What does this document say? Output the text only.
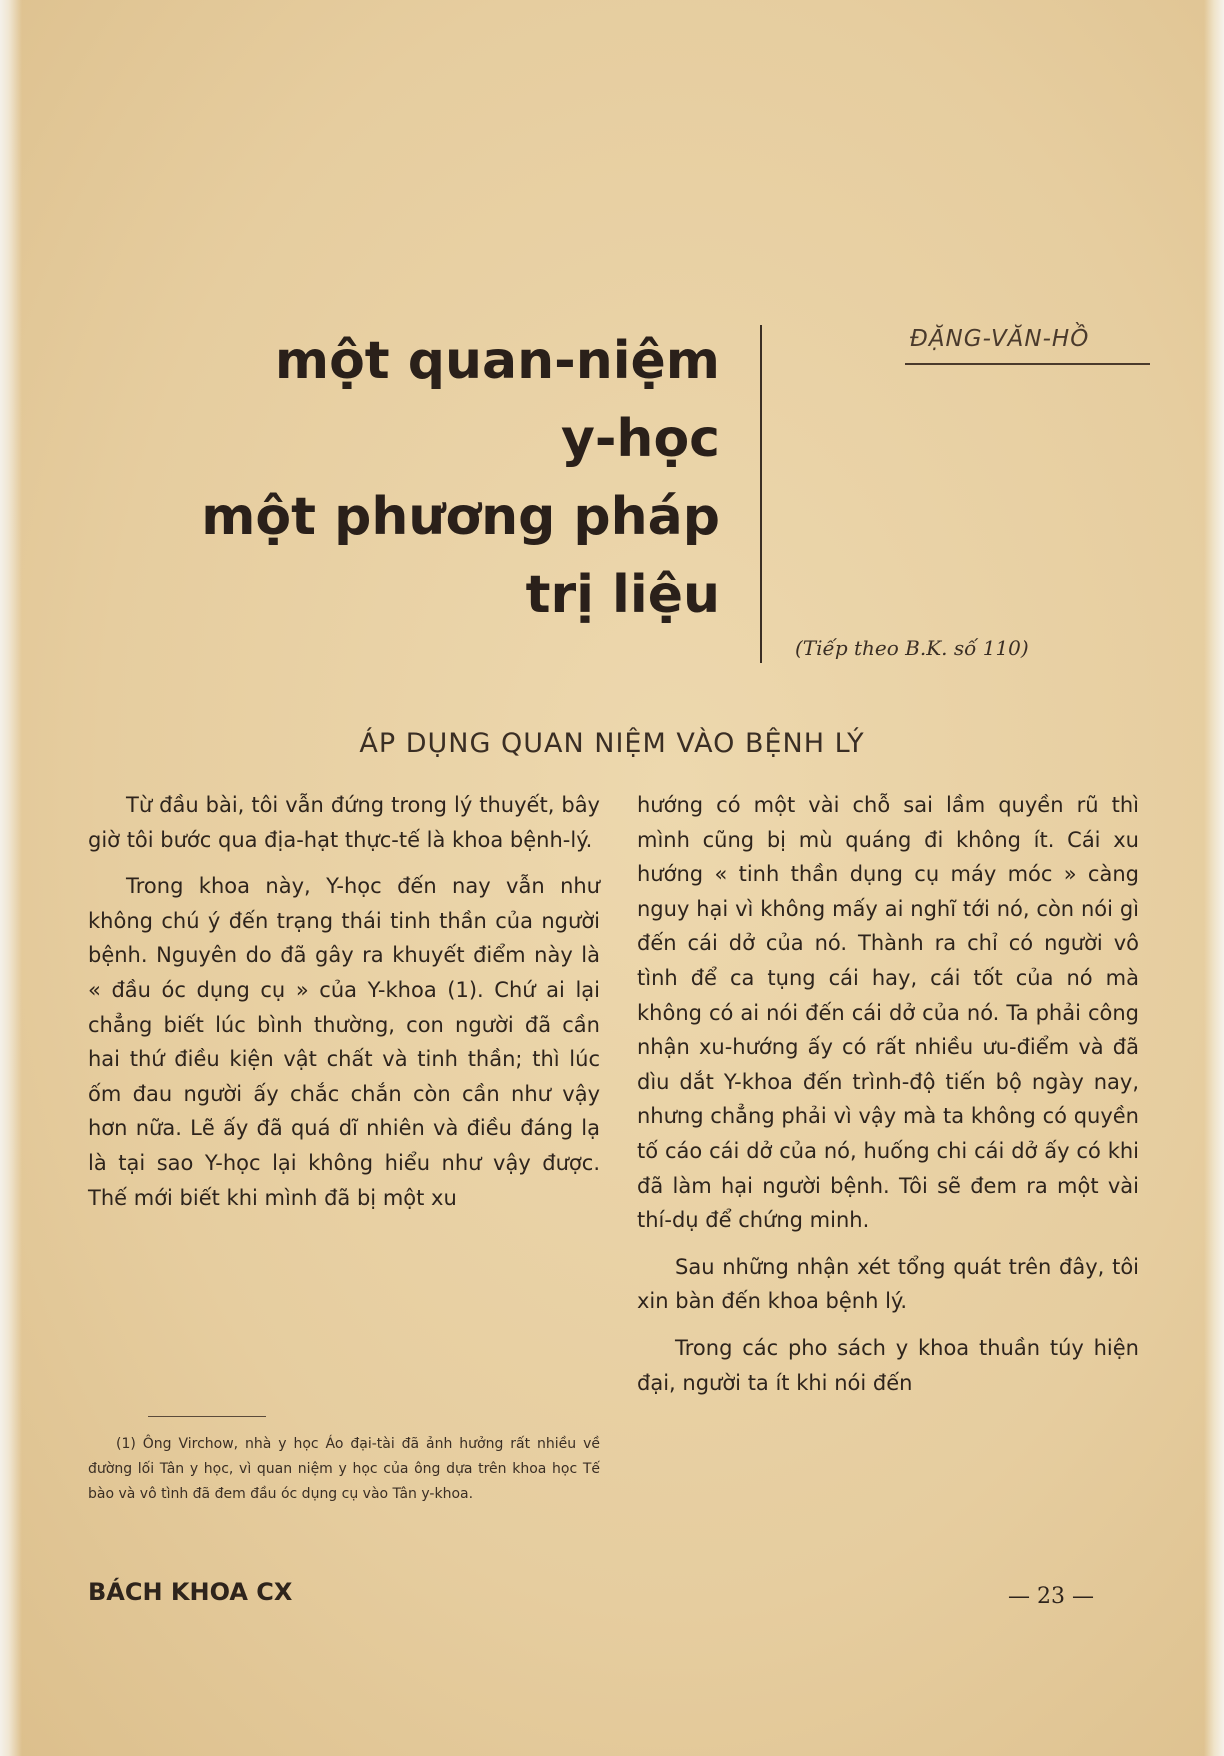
một quan-niệm
y-học
một phương pháp
trị liệu
ĐẶNG-VĂN-HỒ
(Tiếp theo B.K. số 110)
ÁP DỤNG QUAN NIỆM VÀO BỆNH LÝ

Từ đầu bài, tôi vẫn đứng trong lý thuyết, bây giờ tôi bước qua địa-hạt thực-tế là khoa bệnh-lý.

Trong khoa này, Y-học đến nay vẫn như không chú ý đến trạng thái tinh thần của người bệnh. Nguyên do đã gây ra khuyết điểm này là « đầu óc dụng cụ » của Y-khoa (1). Chứ ai lại chẳng biết lúc bình thường, con người đã cần hai thứ điều kiện vật chất và tinh thần; thì lúc ốm đau người ấy chắc chắn còn cần như vậy hơn nữa. Lẽ ấy đã quá dĩ nhiên và điều đáng lạ là tại sao Y-học lại không hiểu như vậy được. Thế mới biết khi mình đã bị một xu

hướng có một vài chỗ sai lầm quyền rũ thì mình cũng bị mù quáng đi không ít. Cái xu hướng « tinh thần dụng cụ máy móc » càng nguy hại vì không mấy ai nghĩ tới nó, còn nói gì đến cái dở của nó. Thành ra chỉ có người vô tình để ca tụng cái hay, cái tốt của nó mà không có ai nói đến cái dở của nó. Ta phải công nhận xu-hướng ấy có rất nhiều ưu-điểm và đã dìu dắt Y-khoa đến trình-độ tiến bộ ngày nay, nhưng chẳng phải vì vậy mà ta không có quyền tố cáo cái dở của nó, huống chi cái dở ấy có khi đã làm hại người bệnh. Tôi sẽ đem ra một vài thí-dụ để chứng minh.

Sau những nhận xét tổng quát trên đây, tôi xin bàn đến khoa bệnh lý.

Trong các pho sách y khoa thuần túy hiện đại, người ta ít khi nói đến

(1) Ông Virchow, nhà y học Áo đại-tài đã ảnh hưởng rất nhiều về đường lối Tân y học, vì quan niệm y học của ông dựa trên khoa học Tế bào và vô tình đã đem đầu óc dụng cụ vào Tân y-khoa.
BÁCH KHOA CX	— 23 —
